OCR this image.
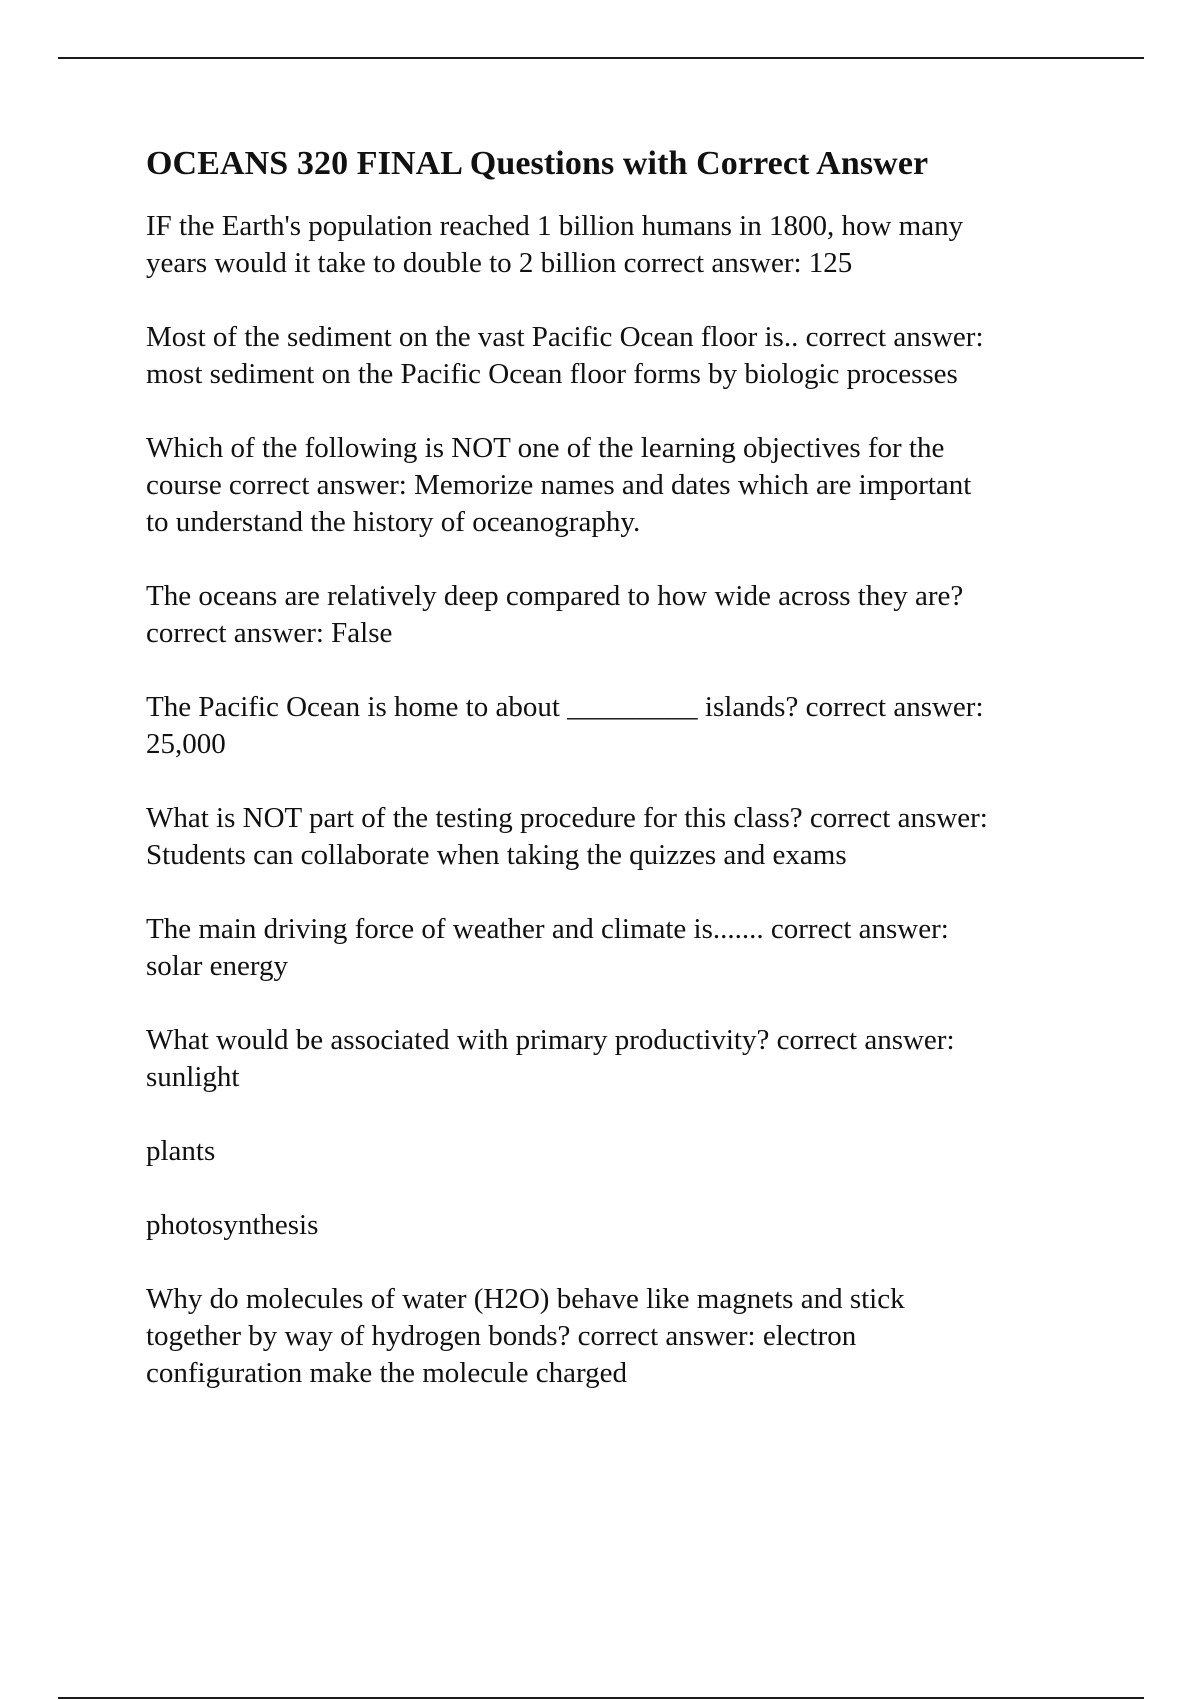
OCEANS 320 FINAL Questions with Correct Answer

IF the Earth's population reached 1 billion humans in 1800, how many
years would it take to double to 2 billion correct answer: 125

Most of the sediment on the vast Pacific Ocean floor is.. correct answer:
most sediment on the Pacific Ocean floor forms by biologic processes

Which of the following is NOT one of the learning objectives for the
course correct answer: Memorize names and dates which are important
to understand the history of oceanography.

The oceans are relatively deep compared to how wide across they are?
correct answer: False

The Pacific Ocean is home to about _________ islands? correct answer:
25,000

What is NOT part of the testing procedure for this class? correct answer:
Students can collaborate when taking the quizzes and exams

The main driving force of weather and climate is....... correct answer:
solar energy

What would be associated with primary productivity? correct answer:
sunlight

plants

photosynthesis

Why do molecules of water (H2O) behave like magnets and stick
together by way of hydrogen bonds? correct answer: electron
configuration make the molecule charged
